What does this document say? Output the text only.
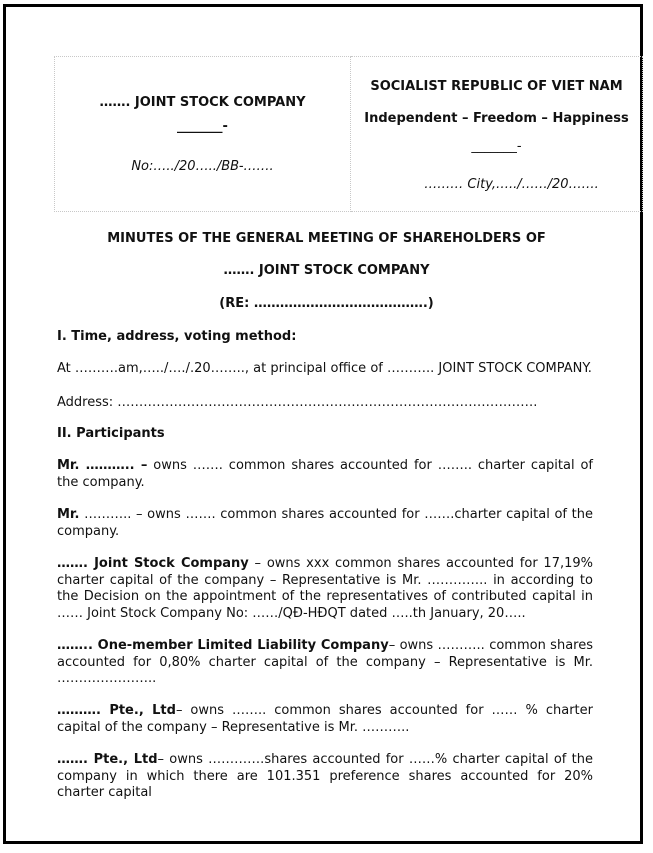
……. JOINT STOCK COMPANY
_______-
No:…../20…../BB-…….
SOCIALIST REPUBLIC OF VIET NAM
Independent – Freedom – Happiness
_______-
……… City,…../……/20…….
MINUTES OF THE GENERAL MEETING OF SHAREHOLDERS OF
……. JOINT STOCK COMPANY
(RE: ………………………………….)
I. Time, address, voting method:
At ……….am,…../…./.20…….., at principal office of ……….. JOINT STOCK COMPANY.
Address: …………………………………………………………………………………….
II. Participants
Mr. ……….. – owns ……. common shares accounted for …….. charter capital of the company.
Mr. ……….. – owns ……. common shares accounted for …….charter capital of the company.
……. Joint Stock Company – owns xxx common shares accounted for 17,19% charter capital of the company – Representative is Mr. ………….. in according to the Decision on the appointment of the representatives of contributed capital in …… Joint Stock Company No: ……/QĐ-HĐQT dated …..th January, 20…..
…….. One-member Limited Liability Company– owns ……….. common shares accounted for 0,80% charter capital of the company – Representative is Mr. …………………..
………. Pte., Ltd– owns …….. common shares accounted for …… % charter capital of the company – Representative is Mr. ………..
……. Pte., Ltd– owns ………….shares accounted for ……% charter capital of the company in which there are 101.351 preference shares accounted for 20% charter capital
